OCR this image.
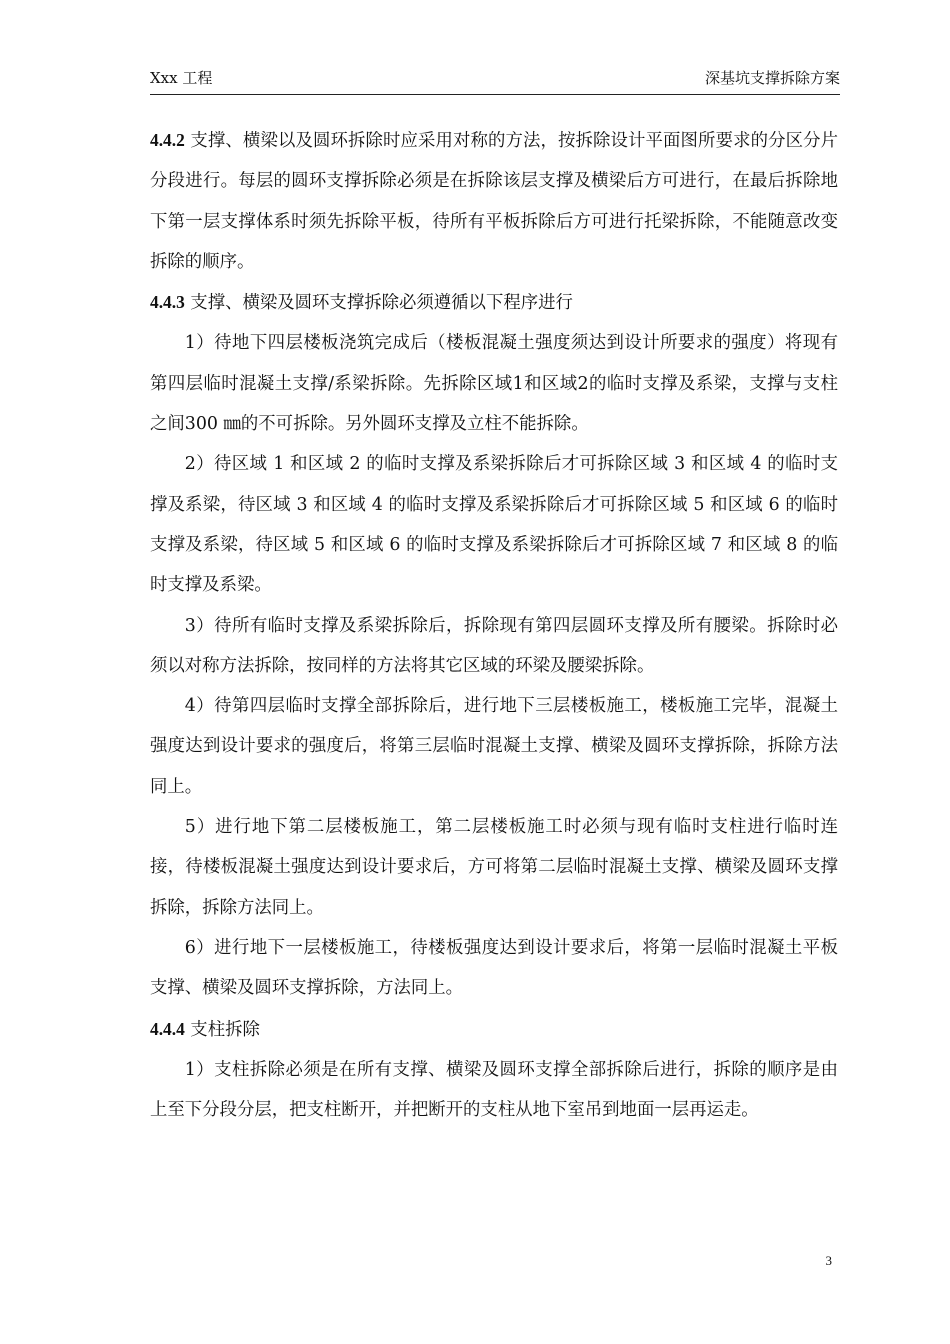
Xxx 工程	深基坑支撑拆除方案

4.4.2 支撑、横梁以及圆环拆除时应采用对称的方法，按拆除设计平面图所要求的分区分片分段进行。每层的圆环支撑拆除必须是在拆除该层支撑及横梁后方可进行，在最后拆除地下第一层支撑体系时须先拆除平板，待所有平板拆除后方可进行托梁拆除，不能随意改变拆除的顺序。

4.4.3 支撑、横梁及圆环支撑拆除必须遵循以下程序进行

1）待地下四层楼板浇筑完成后（楼板混凝土强度须达到设计所要求的强度）将现有第四层临时混凝土支撑/系梁拆除。先拆除区域1和区域2的临时支撑及系梁，支撑与支柱之间300 ㎜的不可拆除。另外圆环支撑及立柱不能拆除。

2）待区域 1 和区域 2 的临时支撑及系梁拆除后才可拆除区域 3 和区域 4 的临时支撑及系梁，待区域 3 和区域 4 的临时支撑及系梁拆除后才可拆除区域 5 和区域 6 的临时支撑及系梁，待区域 5 和区域 6 的临时支撑及系梁拆除后才可拆除区域 7 和区域 8 的临时支撑及系梁。

3）待所有临时支撑及系梁拆除后，拆除现有第四层圆环支撑及所有腰梁。拆除时必须以对称方法拆除，按同样的方法将其它区域的环梁及腰梁拆除。

4）待第四层临时支撑全部拆除后，进行地下三层楼板施工，楼板施工完毕，混凝土强度达到设计要求的强度后，将第三层临时混凝土支撑、横梁及圆环支撑拆除，拆除方法同上。

5）进行地下第二层楼板施工，第二层楼板施工时必须与现有临时支柱进行临时连接，待楼板混凝土强度达到设计要求后，方可将第二层临时混凝土支撑、横梁及圆环支撑拆除，拆除方法同上。

6）进行地下一层楼板施工，待楼板强度达到设计要求后，将第一层临时混凝土平板支撑、横梁及圆环支撑拆除，方法同上。

4.4.4 支柱拆除

1）支柱拆除必须是在所有支撑、横梁及圆环支撑全部拆除后进行，拆除的顺序是由上至下分段分层，把支柱断开，并把断开的支柱从地下室吊到地面一层再运走。

3
